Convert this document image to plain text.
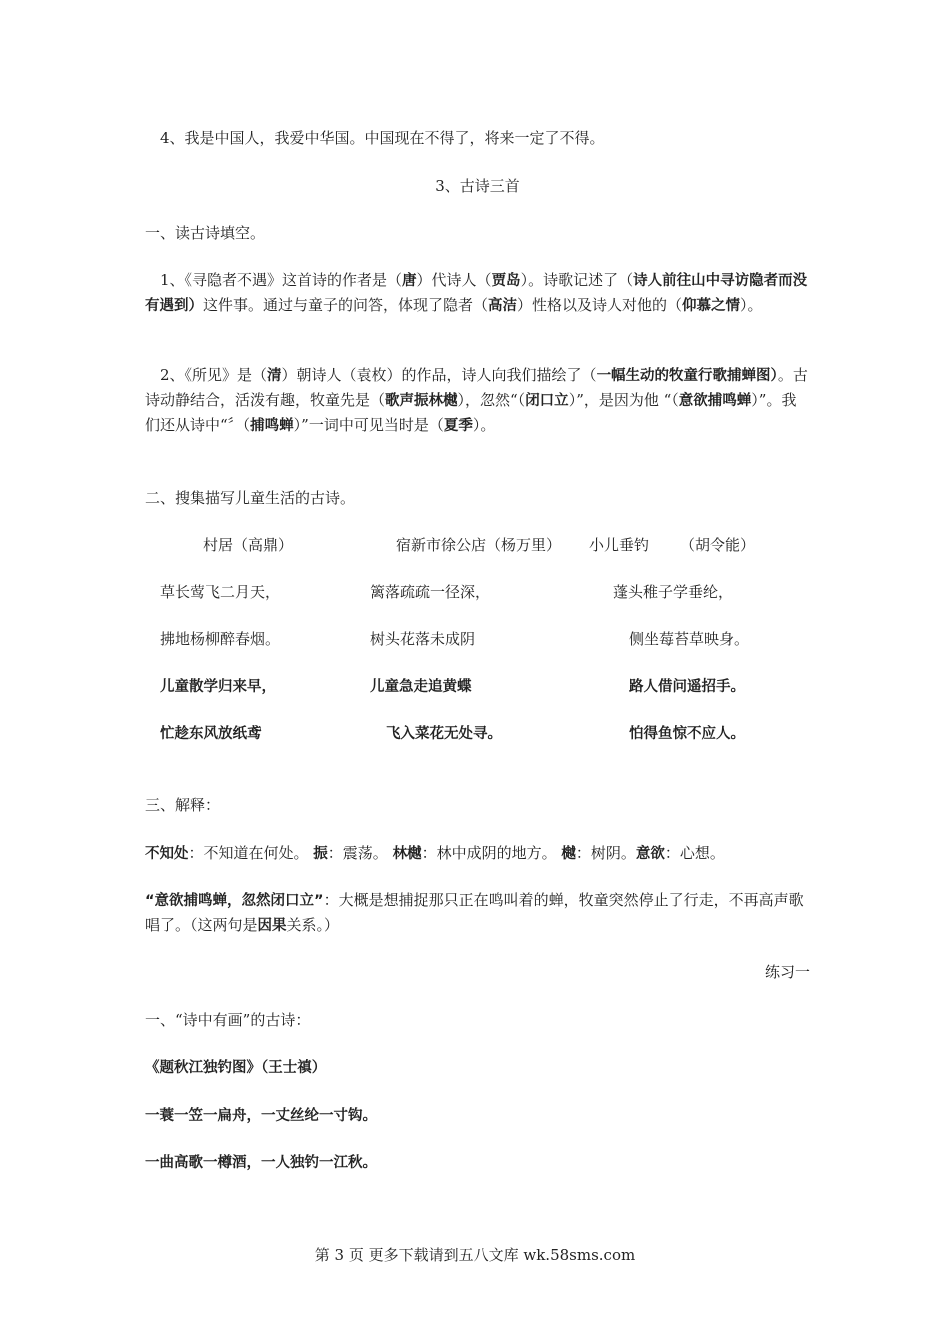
4、我是中国人，我爱中华国。中国现在不得了，将来一定了不得。

3、古诗三首

一、读古诗填空。

1、《寻隐者不遇》这首诗的作者是（唐）代诗人（贾岛）。诗歌记述了（诗人前往山中寻访隐者而没有遇到）这件事。通过与童子的问答，体现了隐者（高洁）性格以及诗人对他的（仰慕之情）。

2、《所见》是（清）朝诗人（袁枚）的作品，诗人向我们描绘了（一幅生动的牧童行歌捕蝉图）。古诗动静结合，活泼有趣，牧童先是（歌声振林樾），忽然“（闭口立）”，是因为他 “（意欲捕鸣蝉）”。我们还从诗中“〞（捕鸣蝉）”一词中可见当时是（夏季）。

二、搜集描写儿童生活的古诗。

村居（高鼎）	宿新市徐公店（杨万里） 小儿垂钓 （胡令能）
草长莺飞二月天，	篱落疏疏一径深，	蓬头稚子学垂纶，
拂地杨柳醉春烟。	树头花落未成阴	侧坐莓苔草映身。
儿童散学归来早，	儿童急走追黄蝶	路人借问遥招手。
忙趁东风放纸鸢	飞入菜花无处寻。	怕得鱼惊不应人。

三、解释：

不知处：不知道在何处。 振：震荡。 林樾：林中成阴的地方。 樾：树阴。意欲：心想。

“意欲捕鸣蝉，忽然闭口立”：大概是想捕捉那只正在鸣叫着的蝉，牧童突然停止了行走，不再高声歌唱了。（这两句是因果关系。）

练习一

一、“诗中有画”的古诗：

《题秋江独钓图》（王士禛）

一蓑一笠一扁舟，一丈丝纶一寸钩。

一曲高歌一樽酒，一人独钓一江秋。

第 3 页 更多下载请到五八文库 wk.58sms.com
